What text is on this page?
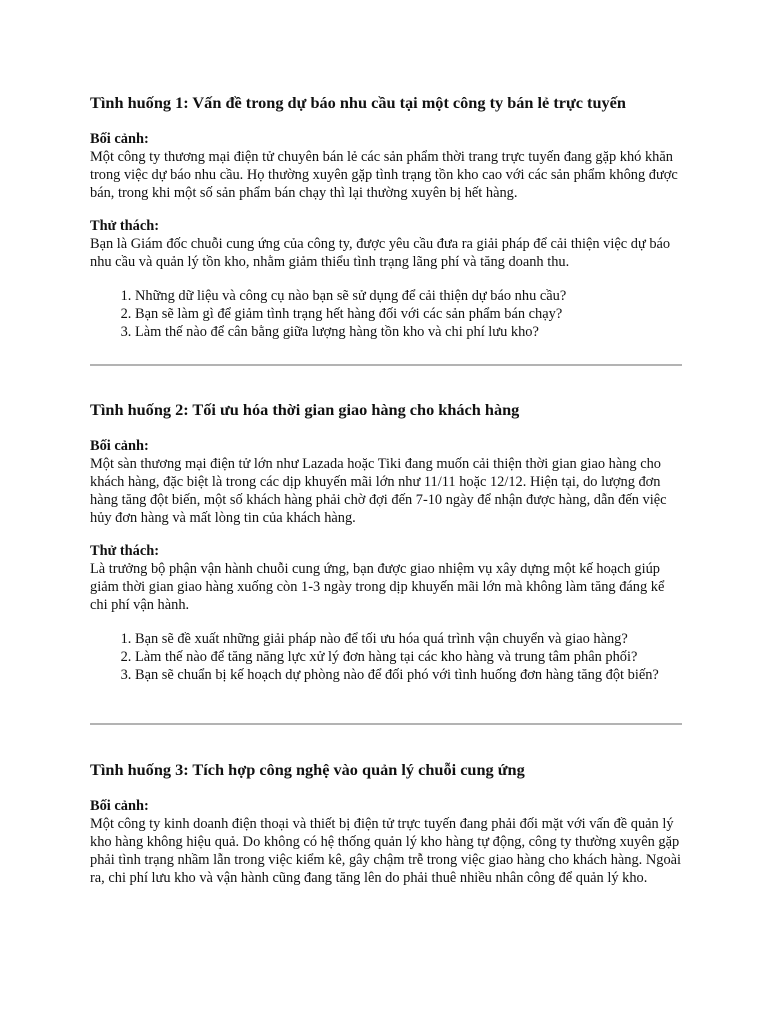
Tình huống 1: Vấn đề trong dự báo nhu cầu tại một công ty bán lẻ trực tuyến

Bối cảnh:

Một công ty thương mại điện tử chuyên bán lẻ các sản phẩm thời trang trực tuyến đang gặp khó khăn trong việc dự báo nhu cầu. Họ thường xuyên gặp tình trạng tồn kho cao với các sản phẩm không được bán, trong khi một số sản phẩm bán chạy thì lại thường xuyên bị hết hàng.

Thử thách:

Bạn là Giám đốc chuỗi cung ứng của công ty, được yêu cầu đưa ra giải pháp để cải thiện việc dự báo nhu cầu và quản lý tồn kho, nhằm giảm thiểu tình trạng lãng phí và tăng doanh thu.

1. Những dữ liệu và công cụ nào bạn sẽ sử dụng để cải thiện dự báo nhu cầu?
2. Bạn sẽ làm gì để giảm tình trạng hết hàng đối với các sản phẩm bán chạy?
3. Làm thế nào để cân bằng giữa lượng hàng tồn kho và chi phí lưu kho?
Tình huống 2: Tối ưu hóa thời gian giao hàng cho khách hàng

Bối cảnh:

Một sàn thương mại điện tử lớn như Lazada hoặc Tiki đang muốn cải thiện thời gian giao hàng cho khách hàng, đặc biệt là trong các dịp khuyến mãi lớn như 11/11 hoặc 12/12. Hiện tại, do lượng đơn hàng tăng đột biến, một số khách hàng phải chờ đợi đến 7-10 ngày để nhận được hàng, dẫn đến việc hủy đơn hàng và mất lòng tin của khách hàng.

Thử thách:

Là trưởng bộ phận vận hành chuỗi cung ứng, bạn được giao nhiệm vụ xây dựng một kế hoạch giúp giảm thời gian giao hàng xuống còn 1-3 ngày trong dịp khuyến mãi lớn mà không làm tăng đáng kể chi phí vận hành.

1. Bạn sẽ đề xuất những giải pháp nào để tối ưu hóa quá trình vận chuyển và giao hàng?
2. Làm thế nào để tăng năng lực xử lý đơn hàng tại các kho hàng và trung tâm phân phối?
3. Bạn sẽ chuẩn bị kế hoạch dự phòng nào để đối phó với tình huống đơn hàng tăng đột biến?
Tình huống 3: Tích hợp công nghệ vào quản lý chuỗi cung ứng

Bối cảnh:

Một công ty kinh doanh điện thoại và thiết bị điện tử trực tuyến đang phải đối mặt với vấn đề quản lý kho hàng không hiệu quả. Do không có hệ thống quản lý kho hàng tự động, công ty thường xuyên gặp phải tình trạng nhầm lẫn trong việc kiểm kê, gây chậm trễ trong việc giao hàng cho khách hàng. Ngoài ra, chi phí lưu kho và vận hành cũng đang tăng lên do phải thuê nhiều nhân công để quản lý kho.
